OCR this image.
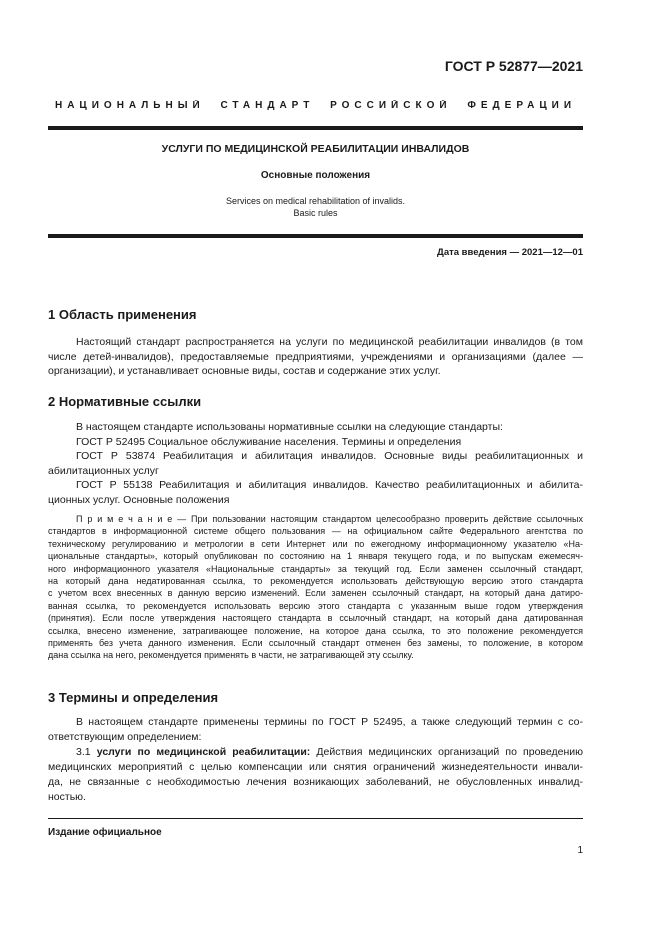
ГОСТ Р 52877—2021
НАЦИОНАЛЬНЫЙ СТАНДАРТ РОССИЙСКОЙ ФЕДЕРАЦИИ
УСЛУГИ ПО МЕДИЦИНСКОЙ РЕАБИЛИТАЦИИ ИНВАЛИДОВ
Основные положения
Services on medical rehabilitation of invalids.
Basic rules
Дата введения — 2021—12—01
1 Область применения
Настоящий стандарт распространяется на услуги по медицинской реабилитации инвалидов (в том
числе детей-инвалидов), предоставляемые предприятиями, учреждениями и организациями (далее —
организации), и устанавливает основные виды, состав и содержание этих услуг.
2 Нормативные ссылки
В настоящем стандарте использованы нормативные ссылки на следующие стандарты:
ГОСТ Р 52495 Социальное обслуживание населения. Термины и определения
ГОСТ Р 53874 Реабилитация и абилитация инвалидов. Основные виды реабилитационных и
абилитационных услуг
ГОСТ Р 55138 Реабилитация и абилитация инвалидов. Качество реабилитационных и абилита-
ционных услуг. Основные положения
П р и м е ч а н и е — При пользовании настоящим стандартом целесообразно проверить действие ссылочных
стандартов в информационной системе общего пользования — на официальном сайте Федерального агентства по
техническому регулированию и метрологии в сети Интернет или по ежегодному информационному указателю «На-
циональные стандарты», который опубликован по состоянию на 1 января текущего года, и по выпускам ежемесяч-
ного информационного указателя «Национальные стандарты» за текущий год. Если заменен ссылочный стандарт,
на который дана недатированная ссылка, то рекомендуется использовать действующую версию этого стандарта
с учетом всех внесенных в данную версию изменений. Если заменен ссылочный стандарт, на который дана датиро-
ванная ссылка, то рекомендуется использовать версию этого стандарта с указанным выше годом утверждения
(принятия). Если после утверждения настоящего стандарта в ссылочный стандарт, на который дана датированная
ссылка, внесено изменение, затрагивающее положение, на которое дана ссылка, то это положение рекомендуется
применять без учета данного изменения. Если ссылочный стандарт отменен без замены, то положение, в котором
дана ссылка на него, рекомендуется применять в части, не затрагивающей эту ссылку.
3 Термины и определения
В настоящем стандарте применены термины по ГОСТ Р 52495, а также следующий термин с со-
ответствующим определением:
3.1 услуги по медицинской реабилитации: Действия медицинских организаций по проведению
медицинских мероприятий с целью компенсации или снятия ограничений жизнедеятельности инвали-
да, не связанные с необходимостью лечения возникающих заболеваний, не обусловленных инвалид-
ностью.
Издание официальное
1
